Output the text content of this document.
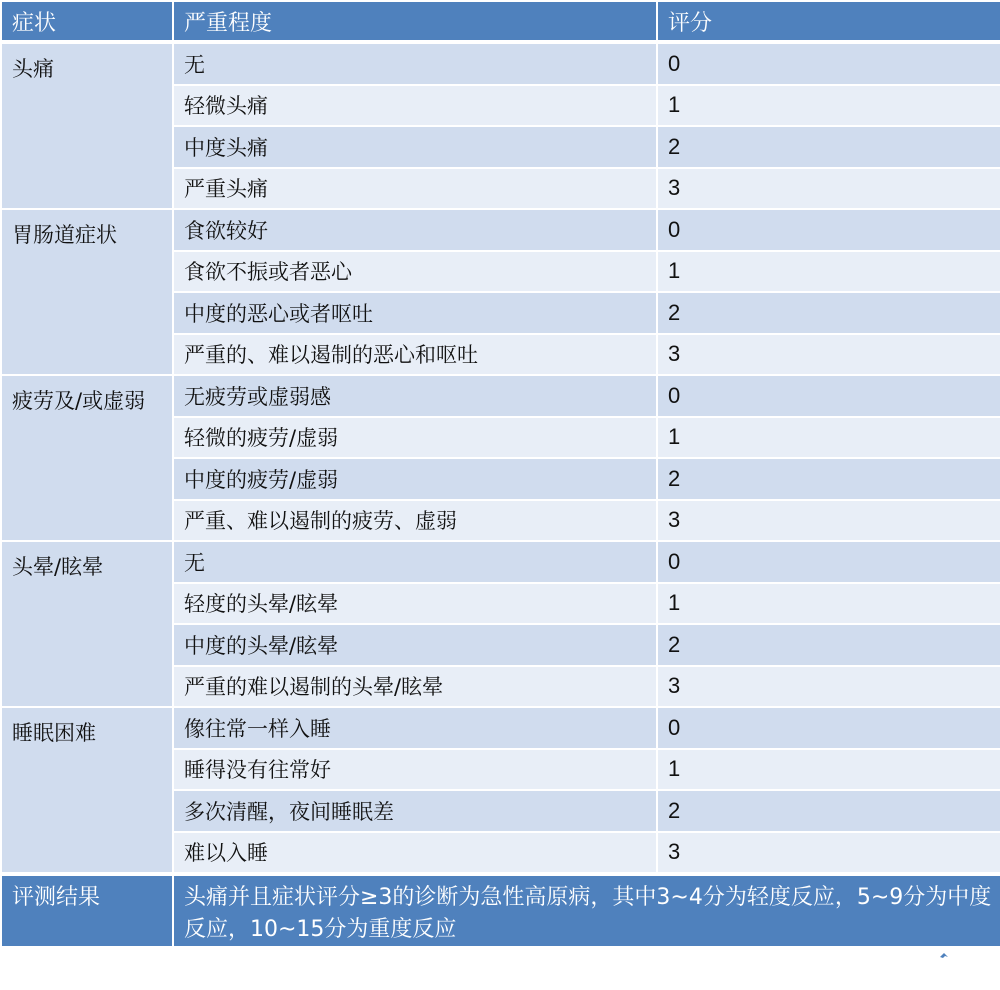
症状	严重程度	评分
头痛	无	0
	轻微头痛	1
	中度头痛	2
	严重头痛	3
胃肠道症状	食欲较好	0
	食欲不振或者恶心	1
	中度的恶心或者呕吐	2
	严重的、难以遏制的恶心和呕吐	3
疲劳及/或虚弱	无疲劳或虚弱感	0
	轻微的疲劳/虚弱	1
	中度的疲劳/虚弱	2
	严重、难以遏制的疲劳、虚弱	3
头晕/眩晕	无	0
	轻度的头晕/眩晕	1
	中度的头晕/眩晕	2
	严重的难以遏制的头晕/眩晕	3
睡眠困难	像往常一样入睡	0
	睡得没有往常好	1
	多次清醒，夜间睡眠差	2
	难以入睡	3
评测结果	头痛并且症状评分≥3的诊断为急性高原病，其中3~4分为轻度反应，5~9分为中度反应，10~15分为重度反应	
©	雪线之上
